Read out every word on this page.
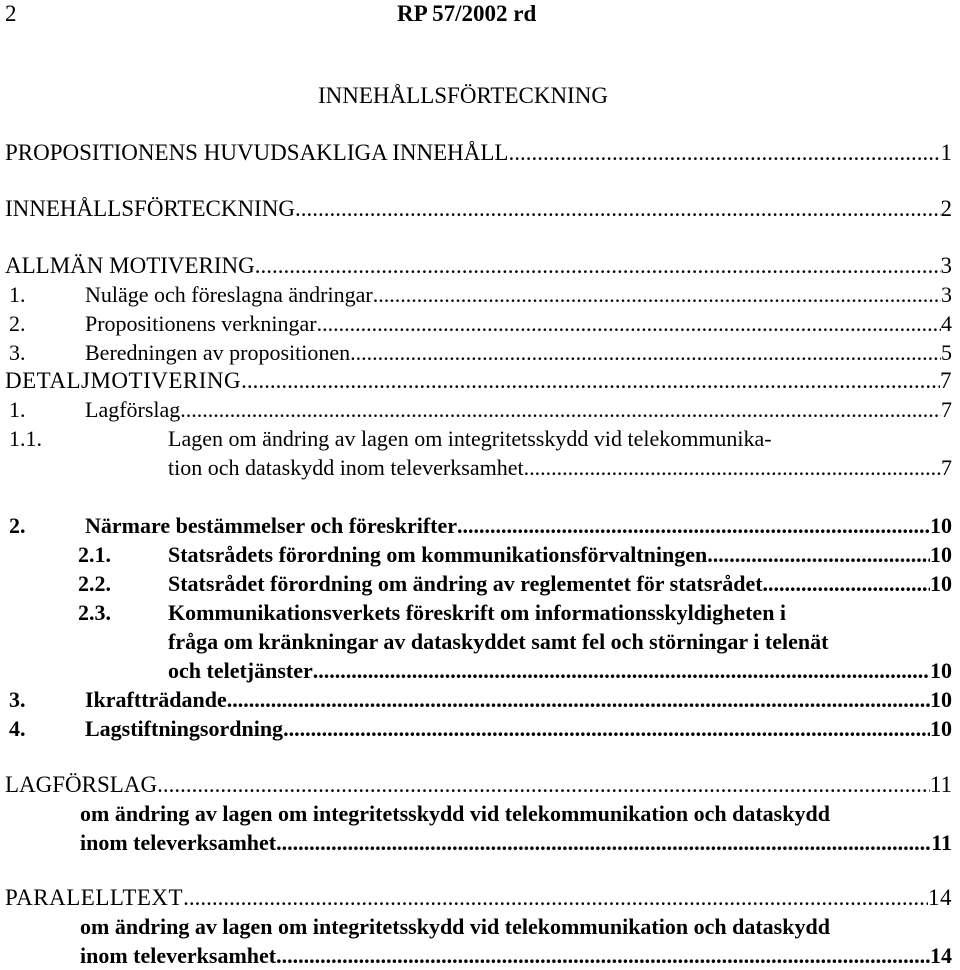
2	RP 57/2002 rd
INNEHÅLLSFÖRTECKNING
PROPOSITIONENS HUVUDSAKLIGA INNEHÅLL .....	1
INNEHÅLLSFÖRTECKNING .....	2
ALLMÄN MOTIVERING .....	3
1.	Nuläge och föreslagna ändringar .....	3
2.	Propositionens verkningar .....	4
3.	Beredningen av propositionen .....	5
DETALJMOTIVERING .....	7
1.	Lagförslag .....	7
1.1.	Lagen om ändring av lagen om integritetsskydd vid telekommunika-
tion och dataskydd inom televerksamhet .....	7
2.	Närmare bestämmelser och föreskrifter .....	10
2.1.	Statsrådets förordning om kommunikationsförvaltningen .....	10
2.2.	Statsrådet förordning om ändring av reglementet för statsrådet .....	10
2.3.	Kommunikationsverkets föreskrift om informationsskyldigheten i
fråga om kränkningar av dataskyddet samt fel och störningar i telenät
och teletjänster .....	10
3.	Ikraftträdande .....	10
4.	Lagstiftningsordning .....	10
LAGFÖRSLAG .....	11
om ändring av lagen om integritetsskydd vid telekommunikation och dataskydd
inom televerksamhet .....	11
PARALELLTEXT .....	14
om ändring av lagen om integritetsskydd vid telekommunikation och dataskydd
inom televerksamhet .....	14
